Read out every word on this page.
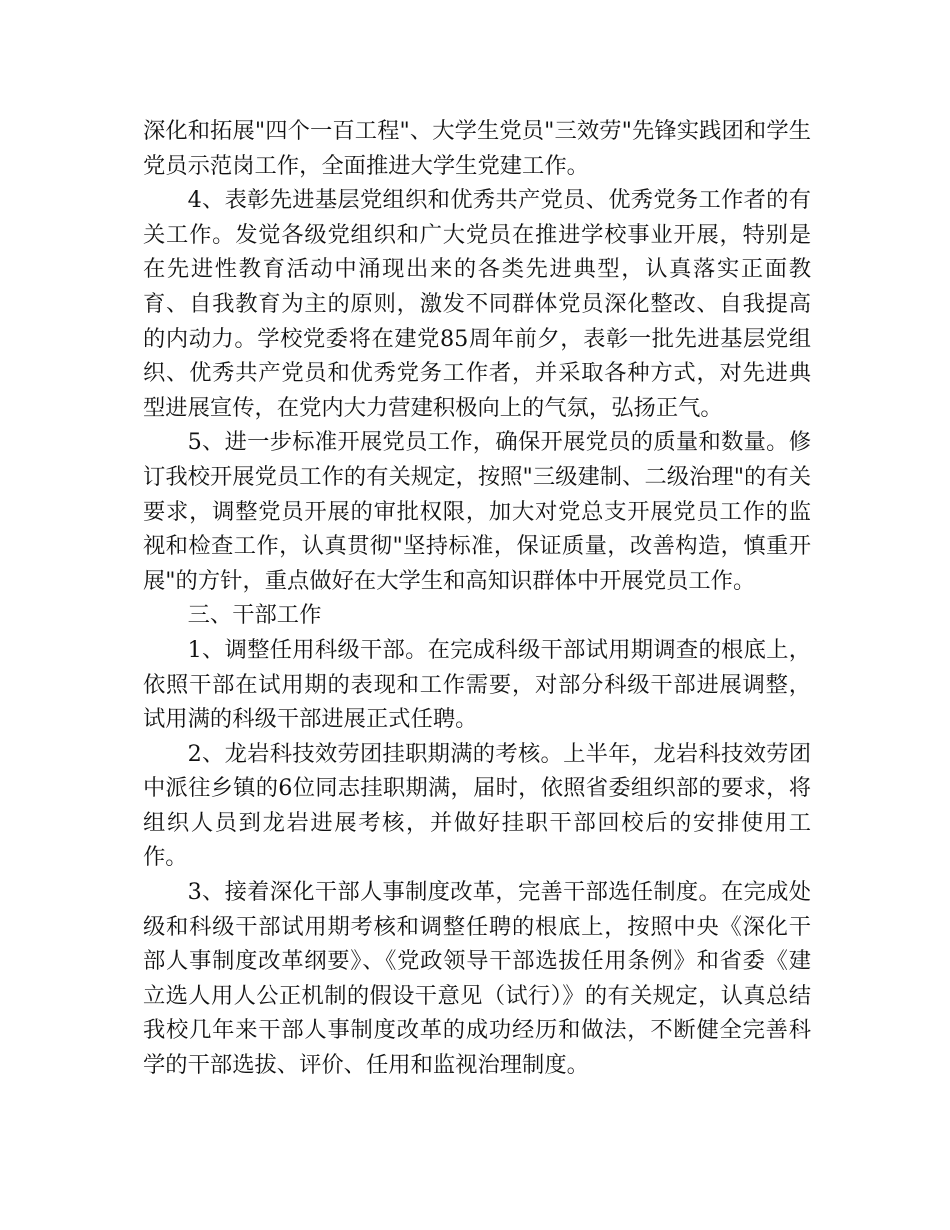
深化和拓展"四个一百工程"、大学生党员"三效劳"先锋实践团和学生党员示范岗工作，全面推进大学生党建工作。

4、表彰先进基层党组织和优秀共产党员、优秀党务工作者的有关工作。发觉各级党组织和广大党员在推进学校事业开展，特别是在先进性教育活动中涌现出来的各类先进典型，认真落实正面教育、自我教育为主的原则，激发不同群体党员深化整改、自我提高的内动力。学校党委将在建党85周年前夕，表彰一批先进基层党组织、优秀共产党员和优秀党务工作者，并采取各种方式，对先进典型进展宣传，在党内大力营建积极向上的气氛，弘扬正气。

5、进一步标准开展党员工作，确保开展党员的质量和数量。修订我校开展党员工作的有关规定，按照"三级建制、二级治理"的有关要求，调整党员开展的审批权限，加大对党总支开展党员工作的监视和检查工作，认真贯彻"坚持标准，保证质量，改善构造，慎重开展"的方针，重点做好在大学生和高知识群体中开展党员工作。

三、干部工作

1、调整任用科级干部。在完成科级干部试用期调查的根底上，依照干部在试用期的表现和工作需要，对部分科级干部进展调整，试用满的科级干部进展正式任聘。

2、龙岩科技效劳团挂职期满的考核。上半年，龙岩科技效劳团中派往乡镇的6位同志挂职期满，届时，依照省委组织部的要求，将组织人员到龙岩进展考核，并做好挂职干部回校后的安排使用工作。

3、接着深化干部人事制度改革，完善干部选任制度。在完成处级和科级干部试用期考核和调整任聘的根底上，按照中央《深化干部人事制度改革纲要》、《党政领导干部选拔任用条例》和省委《建立选人用人公正机制的假设干意见（试行）》的有关规定，认真总结我校几年来干部人事制度改革的成功经历和做法，不断健全完善科学的干部选拔、评价、任用和监视治理制度。
